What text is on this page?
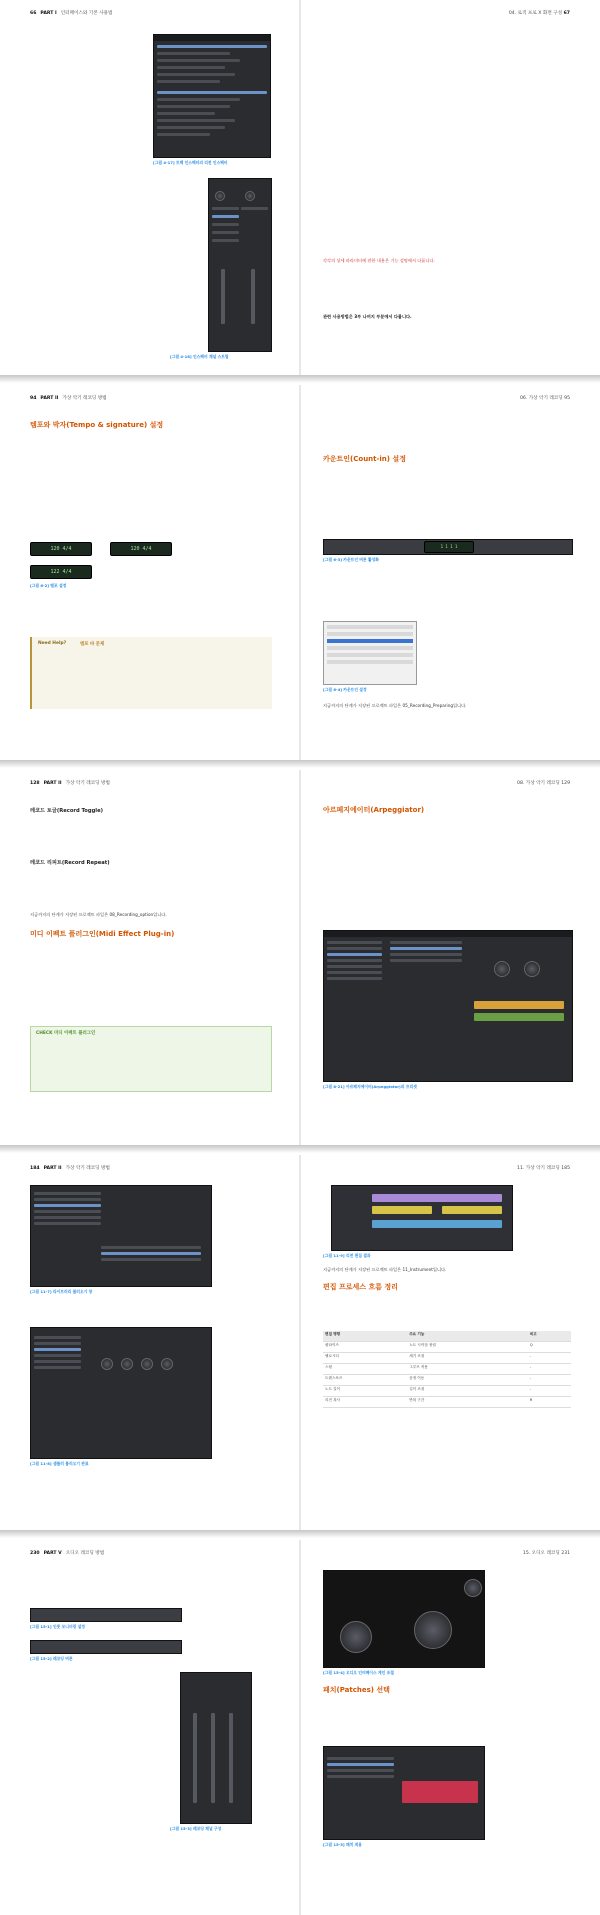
66 PART I 인터페이스와 기본 사용법

[그림 4-17] 트랙 인스펙터의 리전 인스펙터
[그림 4-18] 인스펙터 채널 스트립
04. 로직 프로 X 화면 구성 67
각각의 상세 파라미터에 관한 내용은 기능 설명에서 다룹니다.
관련 사용방법은 3부 나머지 부분에서 다룹니다.
94 PART II 가상 악기 레코딩 방법
템포와 박자(Tempo & signature) 설정
120 4/4	120 4/4
122 4/4
[그림 6-2] 템포 설정
Need Help?	템포 바 문제
06. 가상 악기 레코딩 95
카운트인(Count-in) 설정
1 1 1 1
[그림 6-3] 카운트인 버튼 활성화
[그림 6-4] 카운트인 설정
지금까지의 단계가 저장된 프로젝트 파일은 05_Recording_Preparing입니다.
128 PART II 가상 악기 레코딩 방법
레코드 토글(Record Toggle)
레코드 리피트(Record Repeat)
지금까지의 단계가 저장된 프로젝트 파일은 08_Recording_option입니다.
미디 이펙트 플러그인(Midi Effect Plug-in)
CHECK 미디 이펙트 플러그인
08. 가상 악기 레코딩 129
아르페지에이터(Arpeggiator)
[그림 8-21] 아르페지에이터(Arpeggiator)의 프리셋
184 PART II 가상 악기 레코딩 방법
[그림 11-7] 라이브러리 불러오기 창
[그림 11-8] 샘플러 불러오기 완료
11. 가상 악기 레코딩 185
[그림 11-9] 리전 편집 결과
지금까지의 단계가 저장된 프로젝트 파일은 11_Instrument입니다.
편집 프로세스 흐름 정리
편집 명령	주요 기능	비고
퀀타이즈	노트 시작점 정렬	Q
벨로시티	세기 조절	-
스윙	그루브 적용	-
트랜스포즈	음정 이동	-
노트 길이	길이 조절	-
리전 복사	반복 구간	R
230 PART V 오디오 레코딩 방법
[그림 15-1] 인풋 모니터링 설정
[그림 15-2] 레코딩 버튼
[그림 15-3] 레코딩 채널 구성
15. 오디오 레코딩 231
[그림 15-4] 오디오 인터페이스 게인 조절
패치(Patches) 선택
[그림 15-5] 패치 적용
